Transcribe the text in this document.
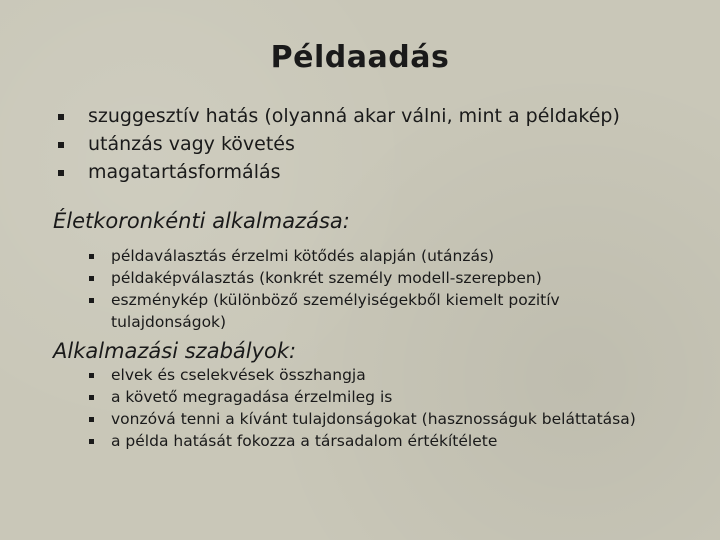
Példaadás
szuggesztív hatás (olyanná akar válni, mint a példakép)
utánzás vagy követés
magatartásformálás
Életkoronkénti alkalmazása:
példaválasztás érzelmi kötődés alapján (utánzás)
példaképválasztás (konkrét személy modell-szerepben)
eszménykép (különböző személyiségekből kiemelt pozitív tulajdonságok)
Alkalmazási szabályok:
elvek és cselekvések összhangja
a követő megragadása érzelmileg is
vonzóvá tenni a kívánt tulajdonságokat (hasznosságuk beláttatása)
a példa hatását fokozza a társadalom értékítélete
